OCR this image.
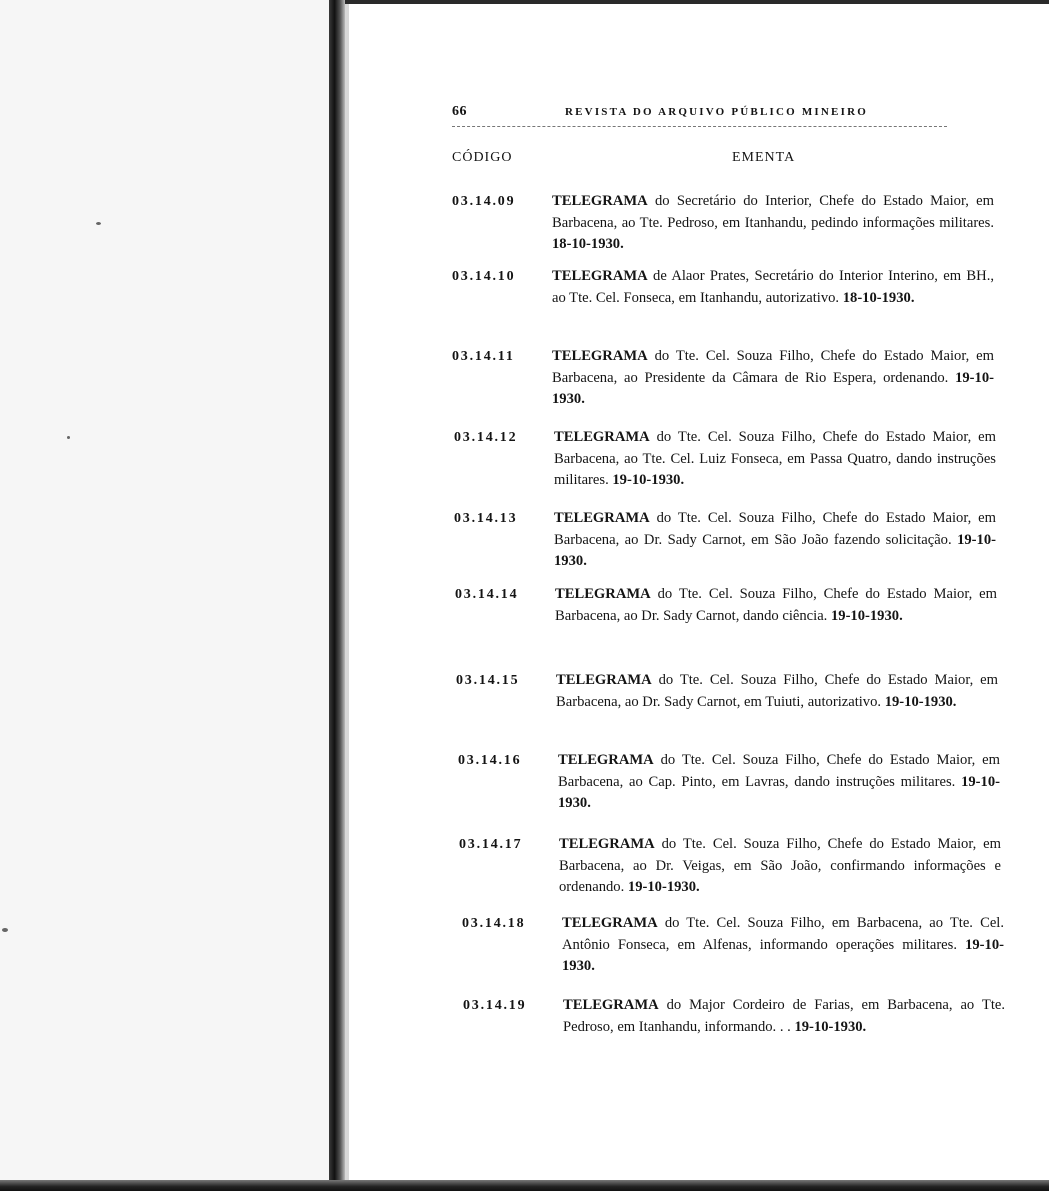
66	REVISTA DO ARQUIVO PÚBLICO MINEIRO
CÓDIGO	EMENTA
03.14.09	TELEGRAMA do Secretário do Interior, Chefe do Estado Maior, em Barbacena, ao Tte. Pedroso, em Itanhandu, pedindo informações militares. 18-10-1930.
03.14.10	TELEGRAMA de Alaor Prates, Secretário do Interior Interino, em BH., ao Tte. Cel. Fonseca, em Itanhandu, autorizativo. 18-10-1930.
03.14.11	TELEGRAMA do Tte. Cel. Souza Filho, Chefe do Estado Maior, em Barbacena, ao Presidente da Câmara de Rio Espera, ordenando. 19-10-1930.
03.14.12	TELEGRAMA do Tte. Cel. Souza Filho, Chefe do Estado Maior, em Barbacena, ao Tte. Cel. Luiz Fonseca, em Passa Quatro, dando instruções militares. 19-10-1930.
03.14.13	TELEGRAMA do Tte. Cel. Souza Filho, Chefe do Estado Maior, em Barbacena, ao Dr. Sady Carnot, em São João fazendo solicitação. 19-10-1930.
03.14.14	TELEGRAMA do Tte. Cel. Souza Filho, Chefe do Estado Maior, em Barbacena, ao Dr. Sady Carnot, dando ciência. 19-10-1930.
03.14.15	TELEGRAMA do Tte. Cel. Souza Filho, Chefe do Estado Maior, em Barbacena, ao Dr. Sady Carnot, em Tuiuti, autorizativo. 19-10-1930.
03.14.16	TELEGRAMA do Tte. Cel. Souza Filho, Chefe do Estado Maior, em Barbacena, ao Cap. Pinto, em Lavras, dando instruções militares. 19-10-1930.
03.14.17	TELEGRAMA do Tte. Cel. Souza Filho, Chefe do Estado Maior, em Barbacena, ao Dr. Veigas, em São João, confirmando informações e ordenando. 19-10-1930.
03.14.18	TELEGRAMA do Tte. Cel. Souza Filho, em Barbacena, ao Tte. Cel. Antônio Fonseca, em Alfenas, informando operações militares. 19-10-1930.
03.14.19	TELEGRAMA do Major Cordeiro de Farias, em Barbacena, ao Tte. Pedroso, em Itanhandu, informando. . . 19-10-1930.
